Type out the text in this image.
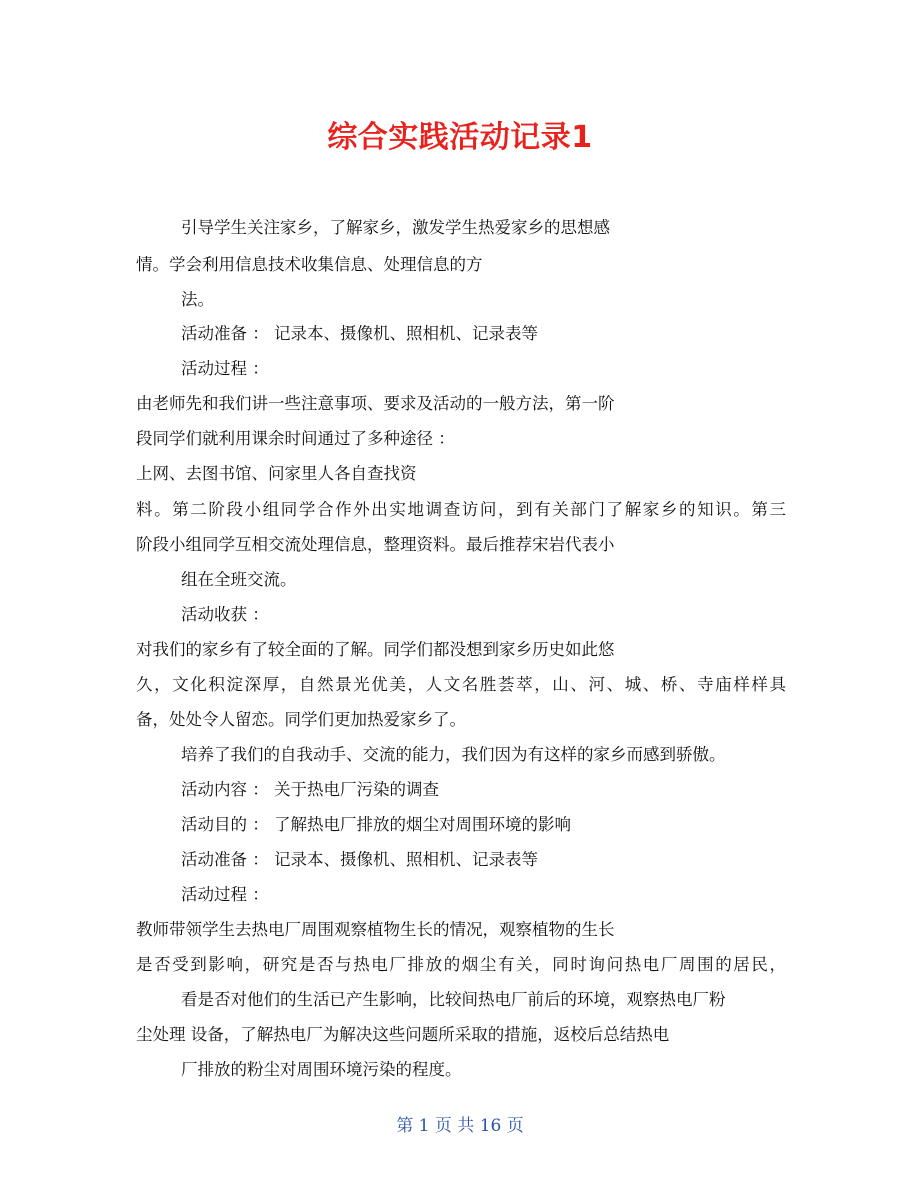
综合实践活动记录1
引导学生关注家乡，了解家乡，激发学生热爱家乡的思想感
情。学会利用信息技术收集信息、处理信息的方
法。
活动准备 ： 记录本、摄像机、照相机、记录表等
活动过程 ：
由老师先和我们讲一些注意事项、要求及活动的一般方法，第一阶
段同学们就利用课余时间通过了多种途径 ：
上网、去图书馆、问家里人各自查找资
料。第二阶段小组同学合作外出实地调查访问，到有关部门了解家乡的知识。第三
阶段小组同学互相交流处理信息，整理资料。最后推荐宋岩代表小
组在全班交流。
活动收获 ：
对我们的家乡有了较全面的了解。同学们都没想到家乡历史如此悠
久，文化积淀深厚，自然景光优美，人文名胜荟萃，山、河、城、桥、寺庙样样具
备，处处令人留恋。同学们更加热爱家乡了。
培养了我们的自我动手、交流的能力，我们因为有这样的家乡而感到骄傲。
活动内容 ： 关于热电厂污染的调查
活动目的 ： 了解热电厂排放的烟尘对周围环境的影响
活动准备 ： 记录本、摄像机、照相机、记录表等
活动过程 ：
教师带领学生去热电厂周围观察植物生长的情况，观察植物的生长
是否受到影响，研究是否与热电厂排放的烟尘有关，同时询问热电厂周围的居民，
看是否对他们的生活已产生影响，比较间热电厂前后的环境，观察热电厂粉
尘处理 设备，了解热电厂为解决这些问题所采取的措施，返校后总结热电
厂排放的粉尘对周围环境污染的程度。
第 1 页 共 16 页
